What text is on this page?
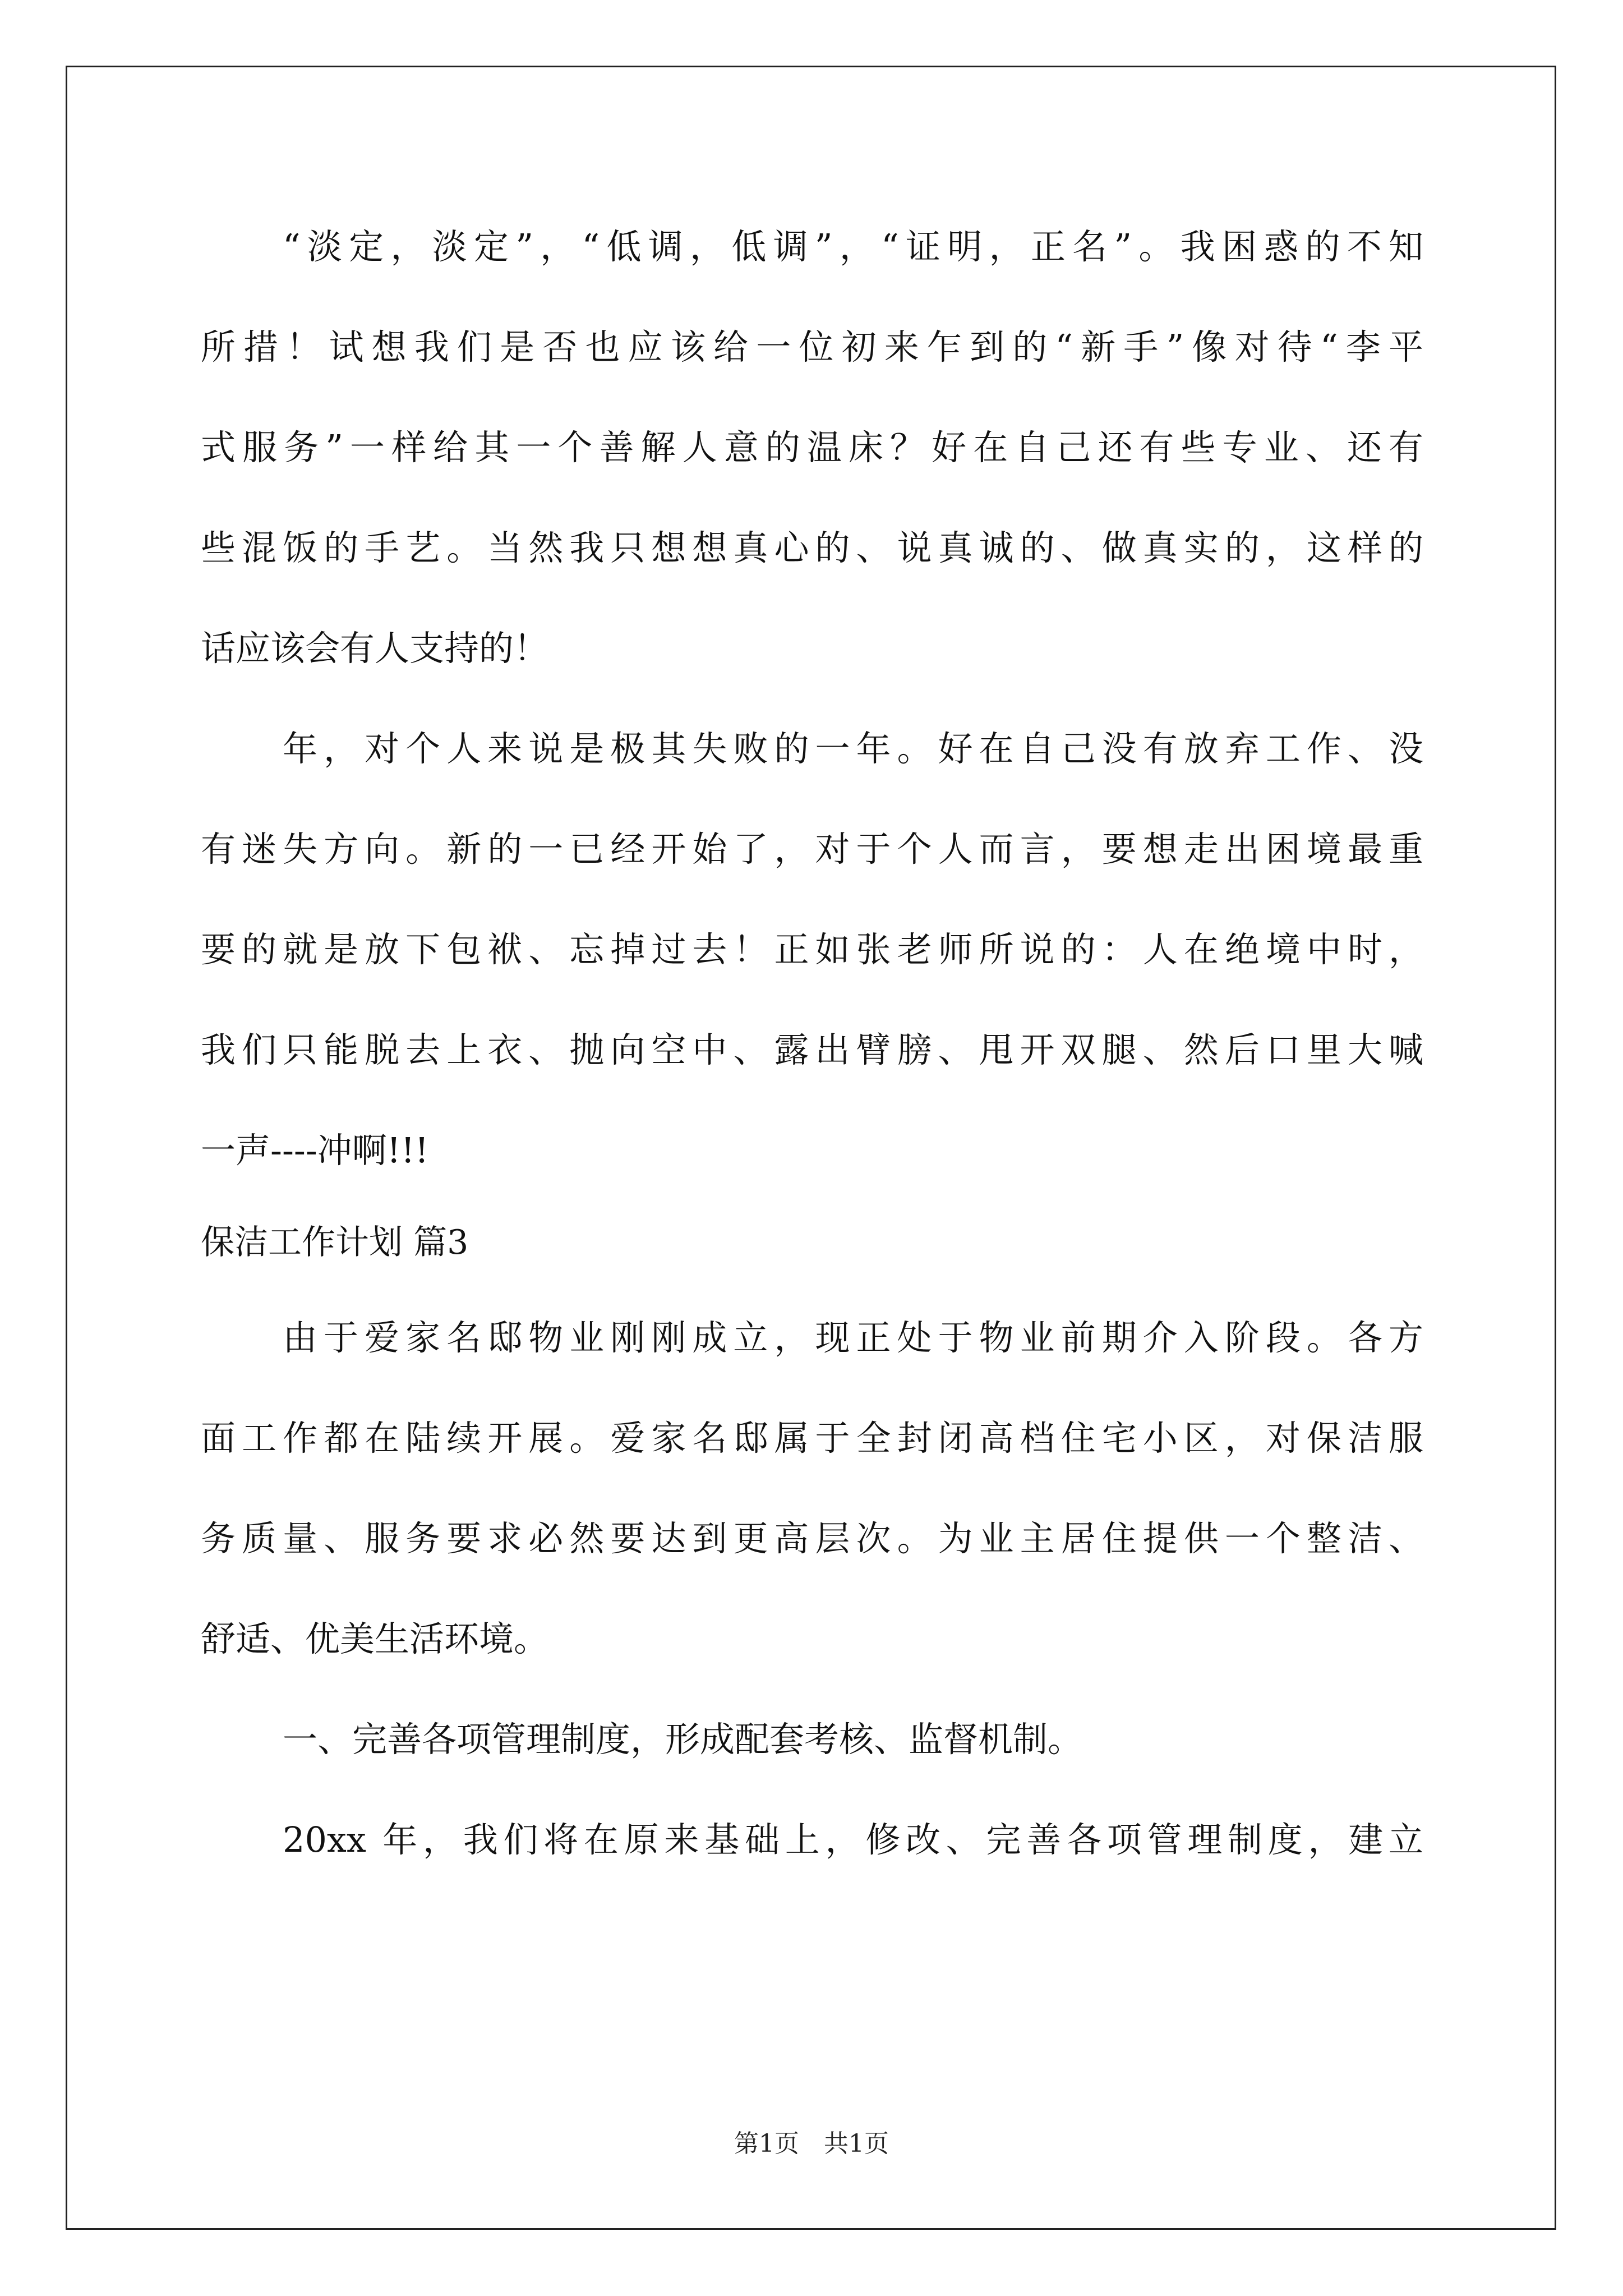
“淡定，淡定”，“低调，低调”，“证明，正名”。我困惑的不知
所措！试想我们是否也应该给一位初来乍到的“新手”像对待“李平
式服务”一样给其一个善解人意的温床？好在自己还有些专业、还有
些混饭的手艺。当然我只想想真心的、说真诚的、做真实的，这样的
话应该会有人支持的！
年，对个人来说是极其失败的一年。好在自己没有放弃工作、没
有迷失方向。新的一已经开始了，对于个人而言，要想走出困境最重
要的就是放下包袱、忘掉过去！正如张老师所说的：人在绝境中时，
我们只能脱去上衣、抛向空中、露出臂膀、甩开双腿、然后口里大喊
一声----冲啊!!!
保洁工作计划 篇3
由于爱家名邸物业刚刚成立，现正处于物业前期介入阶段。各方
面工作都在陆续开展。爱家名邸属于全封闭高档住宅小区，对保洁服
务质量、服务要求必然要达到更高层次。为业主居住提供一个整洁、
舒适、优美生活环境。
一、完善各项管理制度，形成配套考核、监督机制。
20xx 年，我们将在原来基础上，修改、完善各项管理制度，建立
第1页　共1页
